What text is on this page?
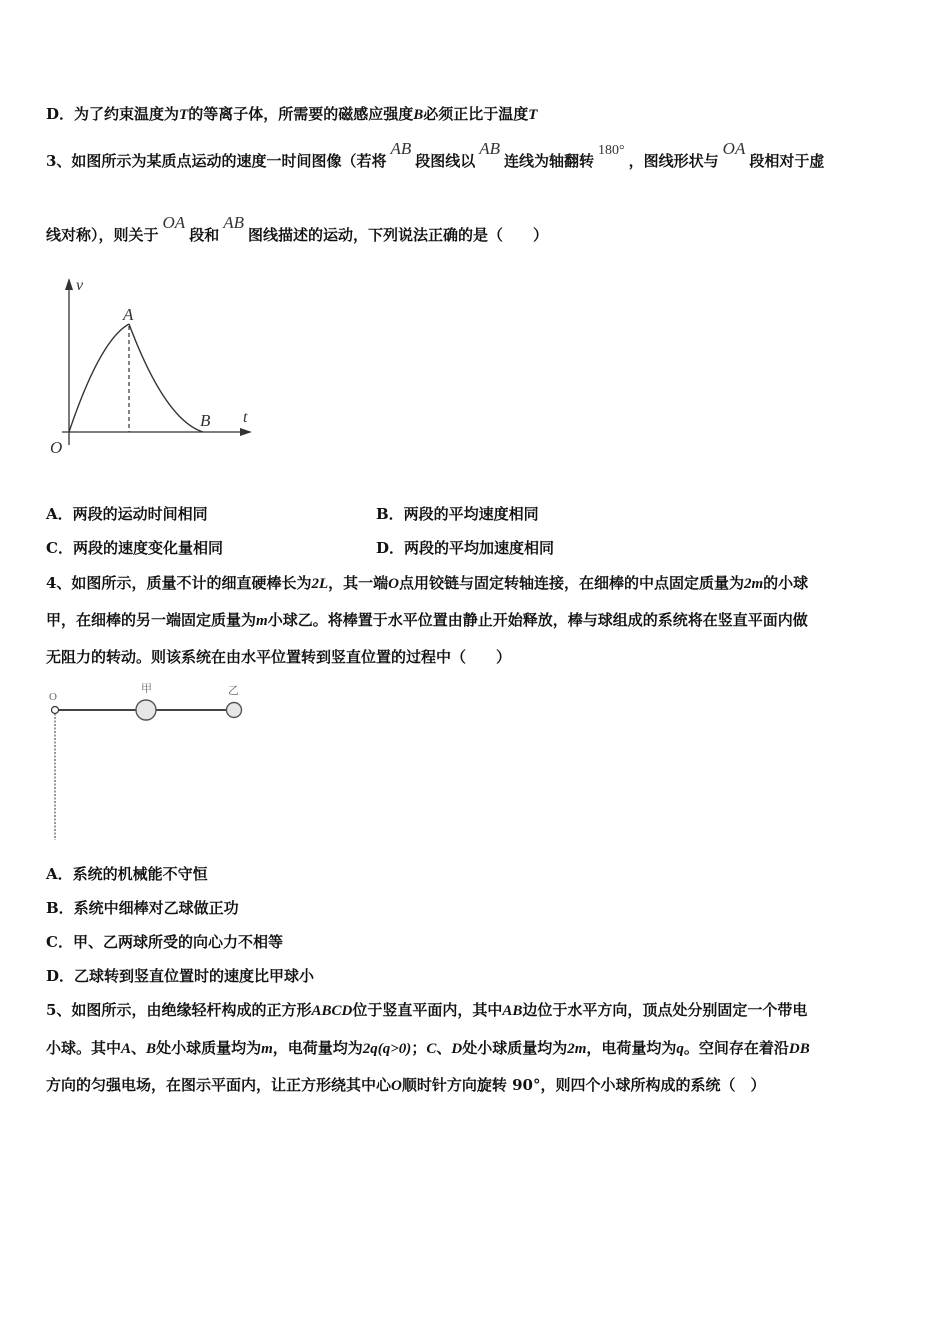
D．为了约束温度为T的等离子体，所需要的磁感应强度B必须正比于温度T
3、如图所示为某质点运动的速度一时间图像（若将AB段图线以AB连线为轴翻转180°，图线形状与OA段相对于虚
线对称），则关于OA段和AB图线描述的运动，下列说法正确的是（　　）
v
A
B t
O
A．两段的运动时间相同	B．两段的平均速度相同
C．两段的速度变化量相同	D．两段的平均加速度相同
4、如图所示，质量不计的细直硬棒长为2L，其一端O点用铰链与固定转轴连接，在细棒的中点固定质量为2m的小球
甲，在细棒的另一端固定质量为m小球乙。将棒置于水平位置由静止开始释放，棒与球组成的系统将在竖直平面内做
无阻力的转动。则该系统在由水平位置转到竖直位置的过程中（　　）
O
甲	乙
A．系统的机械能不守恒
B．系统中细棒对乙球做正功
C．甲、乙两球所受的向心力不相等
D．乙球转到竖直位置时的速度比甲球小
5、如图所示，由绝缘轻杆构成的正方形ABCD位于竖直平面内，其中AB边位于水平方向，顶点处分别固定一个带电
小球。其中A、B处小球质量均为m，电荷量均为2q(q>0)；C、D处小球质量均为2m，电荷量均为q。空间存在着沿DB
方向的匀强电场，在图示平面内，让正方形绕其中心O顺时针方向旋转 90°，则四个小球所构成的系统（　）
